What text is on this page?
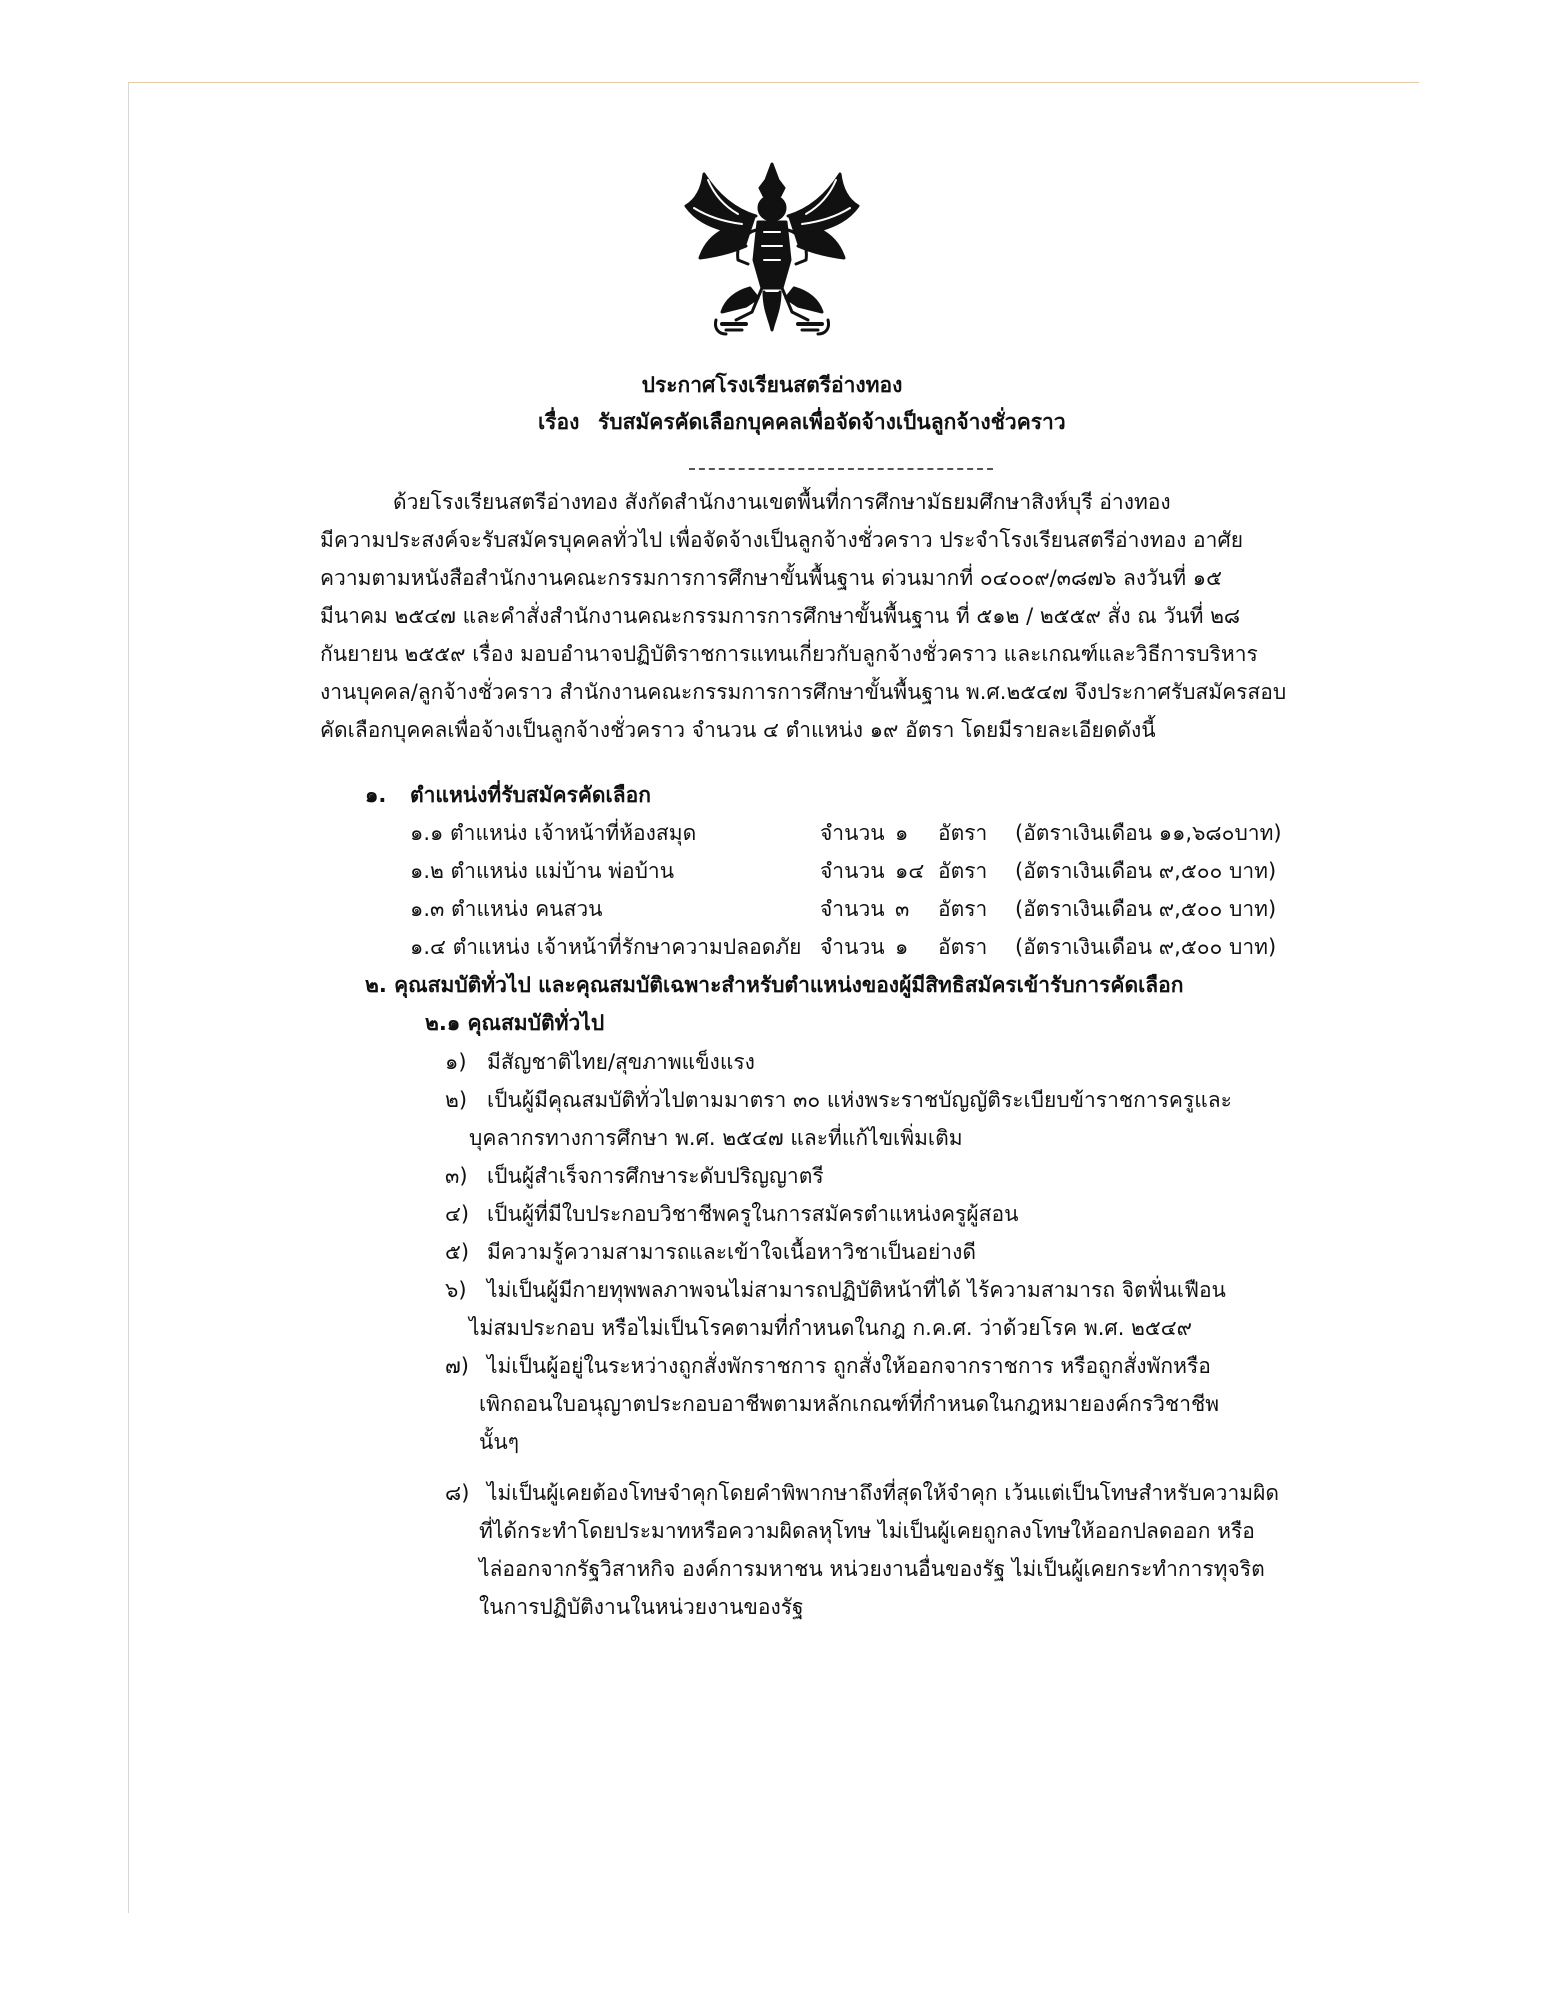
ประกาศโรงเรียนสตรีอ่างทอง

เรื่อง รับสมัครคัดเลือกบุคคลเพื่อจัดจ้างเป็นลูกจ้างชั่วคราว

ด้วยโรงเรียนสตรีอ่างทอง สังกัดสำนักงานเขตพื้นที่การศึกษามัธยมศึกษาสิงห์บุรี อ่างทอง

มีความประสงค์จะรับสมัครบุคคลทั่วไป เพื่อจัดจ้างเป็นลูกจ้างชั่วคราว ประจำโรงเรียนสตรีอ่างทอง อาศัย

ความตามหนังสือสำนักงานคณะกรรมการการศึกษาขั้นพื้นฐาน ด่วนมากที่ ๐๔๐๐๙/๓๘๗๖ ลงวันที่ ๑๕

มีนาคม ๒๕๔๗ และคำสั่งสำนักงานคณะกรรมการการศึกษาขั้นพื้นฐาน ที่ ๕๑๒ / ๒๕๕๙ สั่ง ณ วันที่ ๒๘

กันยายน ๒๕๕๙ เรื่อง มอบอำนาจปฏิบัติราชการแทนเกี่ยวกับลูกจ้างชั่วคราว และเกณฑ์และวิธีการบริหาร

งานบุคคล/ลูกจ้างชั่วคราว สำนักงานคณะกรรมการการศึกษาขั้นพื้นฐาน พ.ศ.๒๕๔๗ จึงประกาศรับสมัครสอบ

คัดเลือกบุคคลเพื่อจ้างเป็นลูกจ้างชั่วคราว จำนวน ๔ ตำแหน่ง ๑๙ อัตรา โดยมีรายละเอียดดังนี้

๑. ตำแหน่งที่รับสมัครคัดเลือก

๑.๑ ตำแหน่ง เจ้าหน้าที่ห้องสมุด	จำนวน ๑ อัตรา (อัตราเงินเดือน ๑๑,๖๘๐บาท)

๑.๒ ตำแหน่ง แม่บ้าน พ่อบ้าน	จำนวน ๑๔ อัตรา (อัตราเงินเดือน ๙,๕๐๐ บาท)

๑.๓ ตำแหน่ง คนสวน	จำนวน ๓ อัตรา (อัตราเงินเดือน ๙,๕๐๐ บาท)

๑.๔ ตำแหน่ง เจ้าหน้าที่รักษาความปลอดภัย จำนวน ๑ อัตรา (อัตราเงินเดือน ๙,๕๐๐ บาท)

๒. คุณสมบัติทั่วไป และคุณสมบัติเฉพาะสำหรับตำแหน่งของผู้มีสิทธิสมัครเข้ารับการคัดเลือก

๒.๑ คุณสมบัติทั่วไป

๑) มีสัญชาติไทย/สุขภาพแข็งแรง

๒) เป็นผู้มีคุณสมบัติทั่วไปตามมาตรา ๓๐ แห่งพระราชบัญญัติระเบียบข้าราชการครูและ

บุคลากรทางการศึกษา พ.ศ. ๒๕๔๗ และที่แก้ไขเพิ่มเติม

๓) เป็นผู้สำเร็จการศึกษาระดับปริญญาตรี

๔) เป็นผู้ที่มีใบประกอบวิชาชีพครูในการสมัครตำแหน่งครูผู้สอน

๕) มีความรู้ความสามารถและเข้าใจเนื้อหาวิชาเป็นอย่างดี

๖) ไม่เป็นผู้มีกายทุพพลภาพจนไม่สามารถปฏิบัติหน้าที่ได้ ไร้ความสามารถ จิตฟั่นเฟือน

ไม่สมประกอบ หรือไม่เป็นโรคตามที่กำหนดในกฎ ก.ค.ศ. ว่าด้วยโรค พ.ศ. ๒๕๔๙

๗) ไม่เป็นผู้อยู่ในระหว่างถูกสั่งพักราชการ ถูกสั่งให้ออกจากราชการ หรือถูกสั่งพักหรือ

เพิกถอนใบอนุญาตประกอบอาชีพตามหลักเกณฑ์ที่กำหนดในกฎหมายองค์กรวิชาชีพ

นั้นๆ

๘) ไม่เป็นผู้เคยต้องโทษจำคุกโดยคำพิพากษาถึงที่สุดให้จำคุก เว้นแต่เป็นโทษสำหรับความผิด

ที่ได้กระทำโดยประมาทหรือความผิดลหุโทษ ไม่เป็นผู้เคยถูกลงโทษให้ออกปลดออก หรือ

ไล่ออกจากรัฐวิสาหกิจ องค์การมหาชน หน่วยงานอื่นของรัฐ ไม่เป็นผู้เคยกระทำการทุจริต

ในการปฏิบัติงานในหน่วยงานของรัฐ
